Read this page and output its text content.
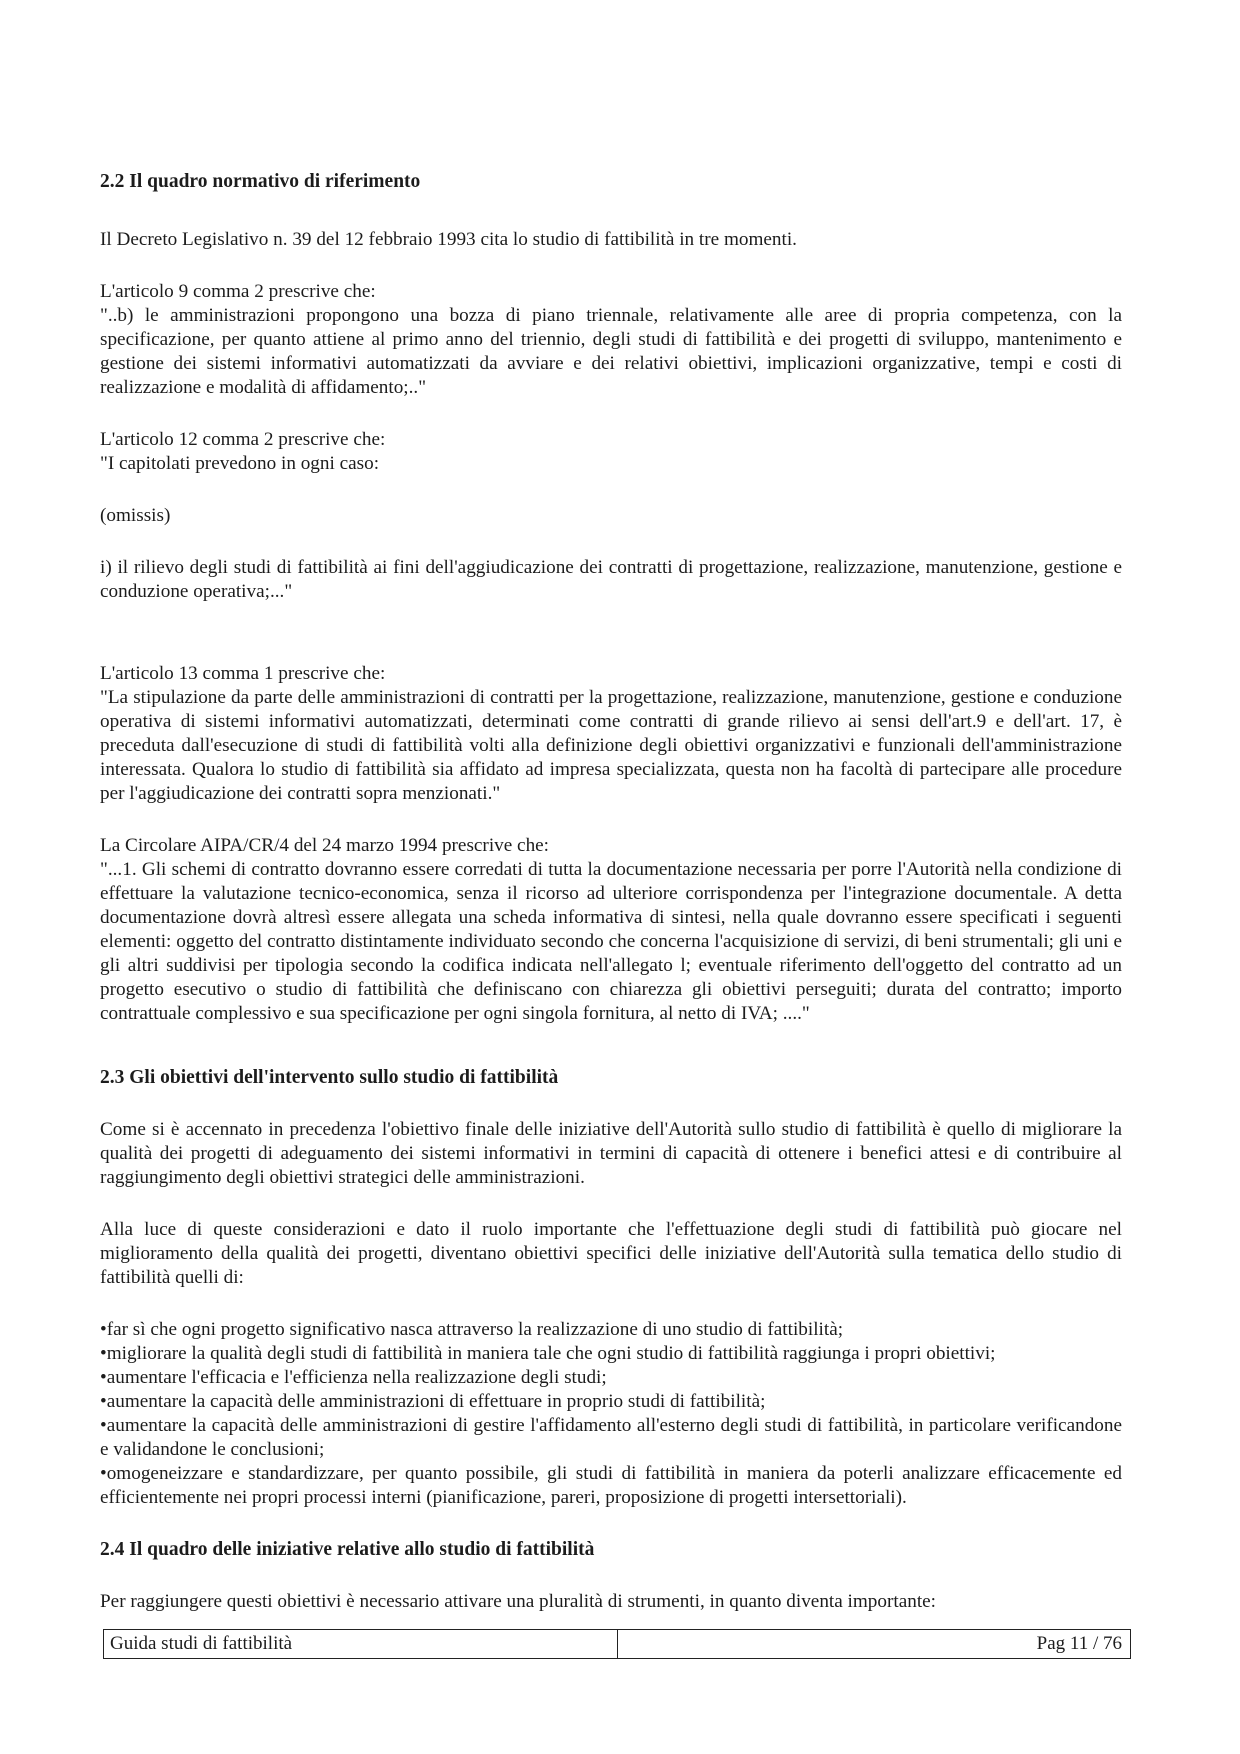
2.2 Il quadro normativo di riferimento

Il Decreto Legislativo n. 39 del 12 febbraio 1993 cita lo studio di fattibilità in tre momenti.

L'articolo 9 comma 2 prescrive che:

"..b) le amministrazioni propongono una bozza di piano triennale, relativamente alle aree di propria competenza, con la specificazione, per quanto attiene al primo anno del triennio, degli studi di fattibilità e dei progetti di sviluppo, mantenimento e gestione dei sistemi informativi automatizzati da avviare e dei relativi obiettivi, implicazioni organizzative, tempi e costi di realizzazione e modalità di affidamento;.."

L'articolo 12 comma 2 prescrive che:

"I capitolati prevedono in ogni caso:

(omissis)

i) il rilievo degli studi di fattibilità ai fini dell'aggiudicazione dei contratti di progettazione, realizzazione, manutenzione, gestione e conduzione operativa;..."

L'articolo 13 comma 1 prescrive che:

"La stipulazione da parte delle amministrazioni di contratti per la progettazione, realizzazione, manutenzione, gestione e conduzione operativa di sistemi informativi automatizzati, determinati come contratti di grande rilievo ai sensi dell'art.9 e dell'art. 17, è preceduta dall'esecuzione di studi di fattibilità volti alla definizione degli obiettivi organizzativi e funzionali dell'amministrazione interessata. Qualora lo studio di fattibilità sia affidato ad impresa specializzata, questa non ha facoltà di partecipare alle procedure per l'aggiudicazione dei contratti sopra menzionati."

La Circolare AIPA/CR/4 del 24 marzo 1994 prescrive che:

"...1. Gli schemi di contratto dovranno essere corredati di tutta la documentazione necessaria per porre l'Autorità nella condizione di effettuare la valutazione tecnico-economica, senza il ricorso ad ulteriore corrispondenza per l'integrazione documentale. A detta documentazione dovrà altresì essere allegata una scheda informativa di sintesi, nella quale dovranno essere specificati i seguenti elementi: oggetto del contratto distintamente individuato secondo che concerna l'acquisizione di servizi, di beni strumentali; gli uni e gli altri suddivisi per tipologia secondo la codifica indicata nell'allegato l; eventuale riferimento dell'oggetto del contratto ad un progetto esecutivo o studio di fattibilità che definiscano con chiarezza gli obiettivi perseguiti; durata del contratto; importo contrattuale complessivo e sua specificazione per ogni singola fornitura, al netto di IVA; ...."

2.3 Gli obiettivi dell'intervento sullo studio di fattibilità

Come si è accennato in precedenza l'obiettivo finale delle iniziative dell'Autorità sullo studio di fattibilità è quello di migliorare la qualità dei progetti di adeguamento dei sistemi informativi in termini di capacità di ottenere i benefici attesi e di contribuire al raggiungimento degli obiettivi strategici delle amministrazioni.

Alla luce di queste considerazioni e dato il ruolo importante che l'effettuazione degli studi di fattibilità può giocare nel miglioramento della qualità dei progetti, diventano obiettivi specifici delle iniziative dell'Autorità sulla tematica dello studio di fattibilità quelli di:

•far sì che ogni progetto significativo nasca attraverso la realizzazione di uno studio di fattibilità;
•migliorare la qualità degli studi di fattibilità in maniera tale che ogni studio di fattibilità raggiunga i propri obiettivi;
•aumentare l'efficacia e l'efficienza nella realizzazione degli studi;
•aumentare la capacità delle amministrazioni di effettuare in proprio studi di fattibilità;
•aumentare la capacità delle amministrazioni di gestire l'affidamento all'esterno degli studi di fattibilità, in particolare verificandone e validandone le conclusioni;
•omogeneizzare e standardizzare, per quanto possibile, gli studi di fattibilità in maniera da poterli analizzare efficacemente ed efficientemente nei propri processi interni (pianificazione, pareri, proposizione di progetti intersettoriali).
2.4 Il quadro delle iniziative relative allo studio di fattibilità

Per raggiungere questi obiettivi è necessario attivare una pluralità di strumenti, in quanto diventa importante:

Guida studi di fattibilità	Pag 11 / 76
